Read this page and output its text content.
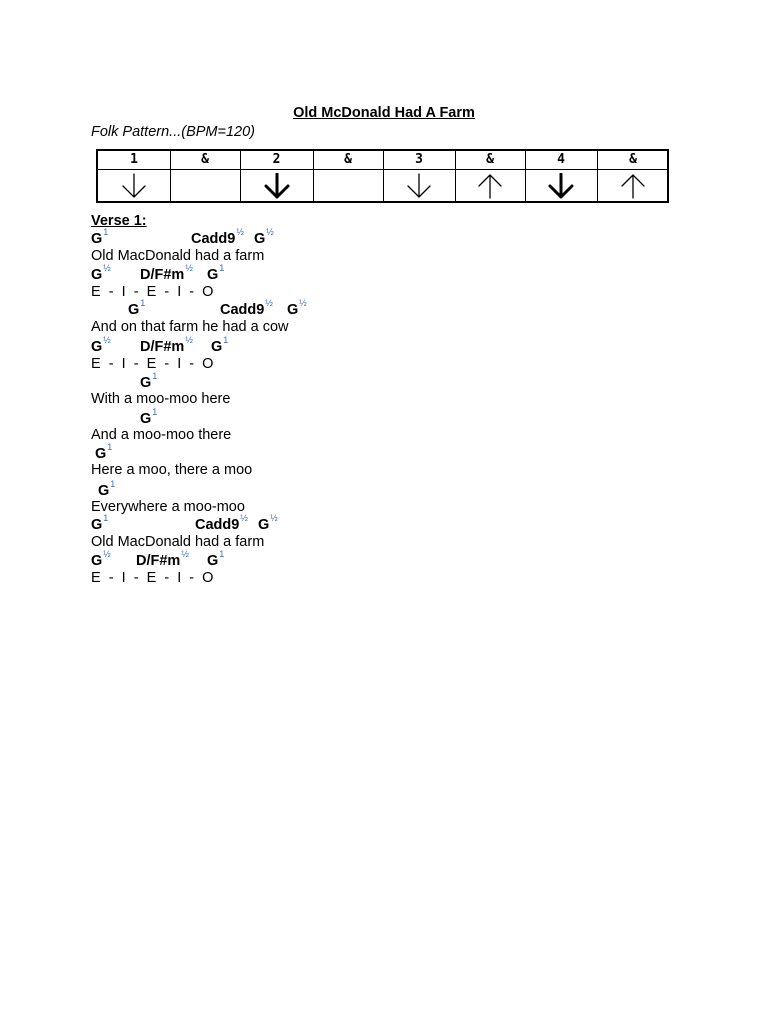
Old McDonald Had A Farm
Folk Pattern...(BPM=120)
1	&	2	&	3	&	4	&
Verse 1:
$G^1$	$Cadd9^{\frac{1}{2}}$ $G^{\frac{1}{2}}$
Old MacDonald had a farm
$G^{\frac{1}{2}}$ $D/F\#m^{\frac{1}{2}}$ $G^1$
E  -  I  -  E  -  I  -  O
$G^1$	$Cadd9^{\frac{1}{2}}$ $G^{\frac{1}{2}}$
And on that farm he had a cow
$G^{\frac{1}{2}}$ $D/F\#m^{\frac{1}{2}}$ $G^1$
E  -  I  -  E  -  I  -  O
$G^1$
With a moo-moo here
$G^1$
And a moo-moo there
$G^1$
Here a moo, there a moo
$G^1$
Everywhere a moo-moo
$G^1$	$Cadd9^{\frac{1}{2}}$ $G^{\frac{1}{2}}$
Old MacDonald had a farm
$G^{\frac{1}{2}}$ $D/F\#m^{\frac{1}{2}}$ $G^1$
E  -  I  -  E  -  I  -  O
